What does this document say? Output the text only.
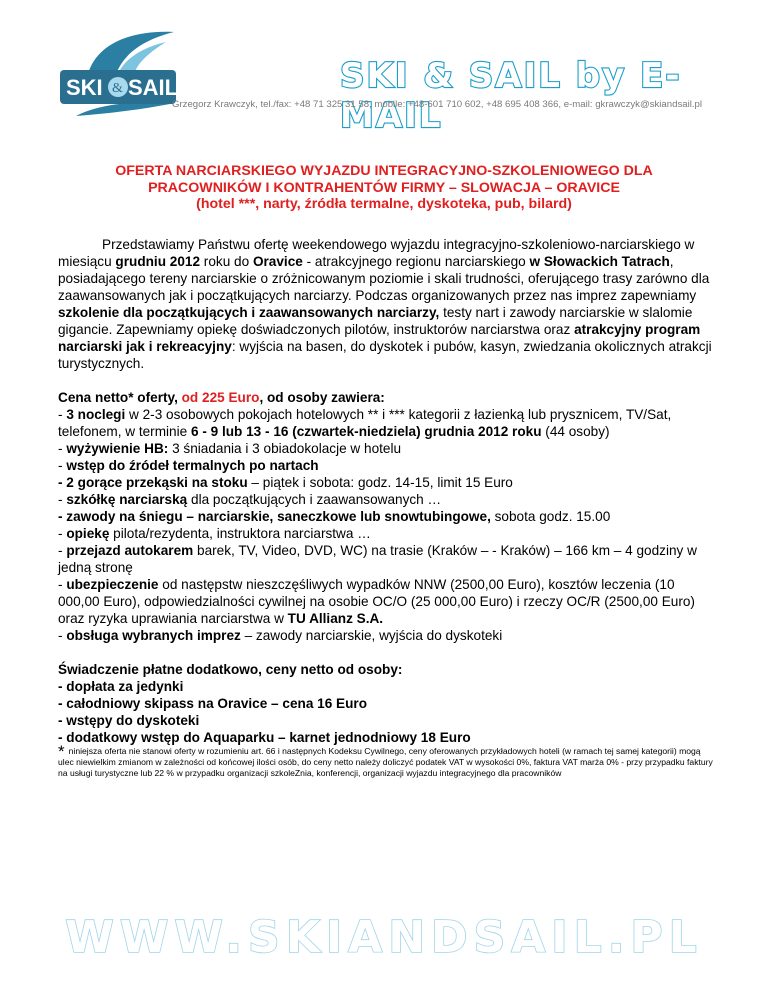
SKI & SAIL	SKI & SAIL by E-MAIL
Grzegorz Krawczyk, tel./fax: +48 71 325 31 58, mobile: +48-601 710 602, +48 695 408 366, e-mail: gkrawczyk@skiandsail.pl
OFERTA NARCIARSKIEGO WYJAZDU INTEGRACYJNO-SZKOLENIOWEGO DLA
PRACOWNIKÓW I KONTRAHENTÓW FIRMY – SLOWACJA – ORAVICE
(hotel ***, narty, źródła termalne, dyskoteka, pub, bilard)

Przedstawiamy Państwu ofertę weekendowego wyjazdu integracyjno-szkoleniowo-narciarskiego w miesiącu grudniu 2012 roku do Oravice - atrakcyjnego regionu narciarskiego w Słowackich Tatrach, posiadającego tereny narciarskie o zróżnicowanym poziomie i skali trudności, oferującego trasy zarówno dla zaawansowanych jak i początkujących narciarzy. Podczas organizowanych przez nas imprez zapewniamy szkolenie dla początkujących i zaawansowanych narciarzy, testy nart i zawody narciarskie w slalomie gigancie. Zapewniamy opiekę doświadczonych pilotów, instruktorów narciarstwa oraz atrakcyjny program narciarski jak i rekreacyjny: wyjścia na basen, do dyskotek i pubów, kasyn, zwiedzania okolicznych atrakcji turystycznych.

Cena netto* oferty, od 225 Euro, od osoby zawiera:

- 3 noclegi w 2-3 osobowych pokojach hotelowych ** i *** kategorii z łazienką lub prysznicem, TV/Sat, telefonem, w terminie 6 - 9 lub 13 - 16 (czwartek-niedziela) grudnia 2012 roku (44 osoby)

- wyżywienie HB: 3 śniadania i 3 obiadokolacje w hotelu

- wstęp do źródeł termalnych po nartach

- 2 gorące przekąski na stoku – piątek i sobota: godz. 14-15, limit 15 Euro

- szkółkę narciarską dla początkujących i zaawansowanych …

- zawody na śniegu – narciarskie, saneczkowe lub snowtubingowe, sobota godz. 15.00

- opiekę pilota/rezydenta, instruktora narciarstwa …

- przejazd autokarem barek, TV, Video, DVD, WC) na trasie (Kraków – - Kraków) – 166 km – 4 godziny w jedną stronę

- ubezpieczenie od następstw nieszczęśliwych wypadków NNW (2500,00 Euro), kosztów leczenia (10 000,00 Euro), odpowiedzialności cywilnej na osobie OC/O (25 000,00 Euro) i rzeczy OC/R (2500,00 Euro) oraz ryzyka uprawiania narciarstwa w TU Allianz S.A.

- obsługa wybranych imprez – zawody narciarskie, wyjścia do dyskoteki

Świadczenie płatne dodatkowo, ceny netto od osoby:

- dopłata za jedynki

- całodniowy skipass na Oravice – cena 16 Euro

- wstępy do dyskoteki

- dodatkowy wstęp do Aquaparku – karnet jednodniowy 18 Euro

* niniejsza oferta nie stanowi oferty w rozumieniu art. 66 i następnych Kodeksu Cywilnego, ceny oferowanych przykładowych hoteli (w ramach tej samej kategorii) mogą ulec niewielkim zmianom w zależności od końcowej ilości osób, do ceny netto należy doliczyć podatek VAT w wysokości 0%, faktura VAT marża 0% - przy przypadku faktury na usługi turystyczne lub 22 % w przypadku organizacji szkoleZnia, konferencji, organizacji wyjazdu integracyjnego dla pracowników

WWW.SKIANDSAIL.PL
